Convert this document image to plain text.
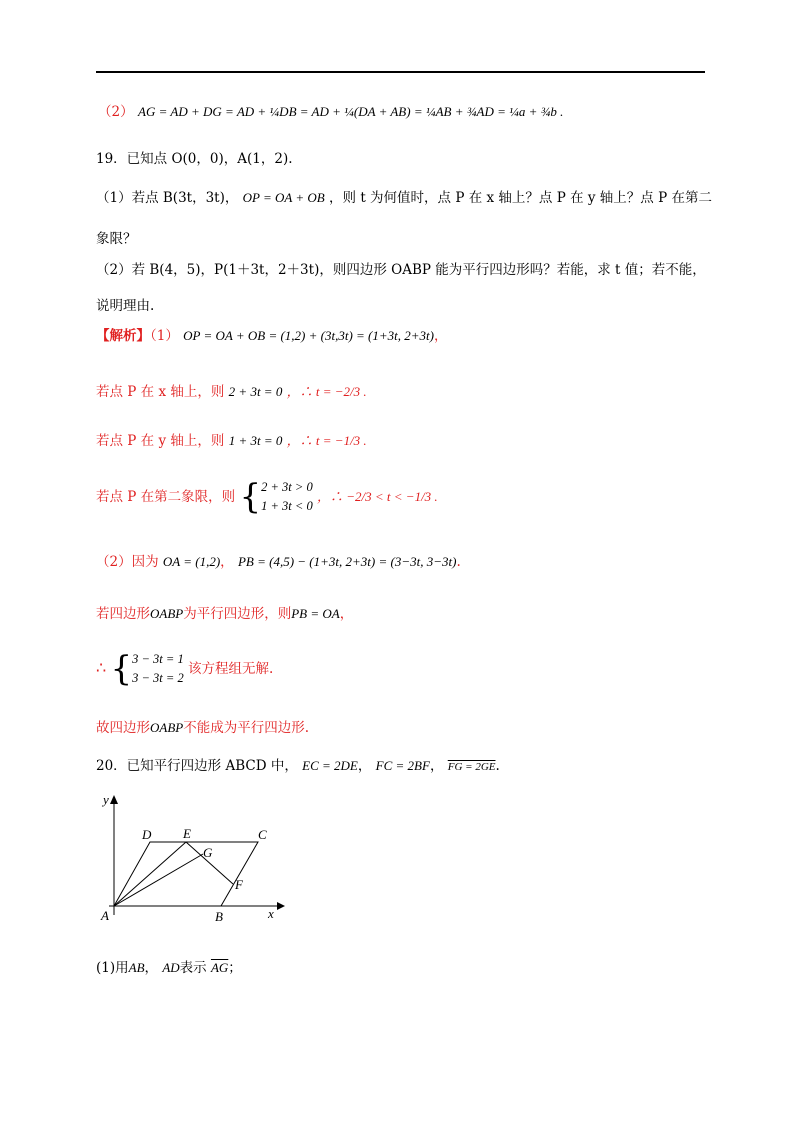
（2） AG = AD + DG = AD + ¼DB = AD + ¼(DA + AB) = ¼AB + ¾AD = ¼a + ¾b .
19．已知点 O(0，0)，A(1，2).
（1）若点 B(3t，3t)， OP = OA + OB ，则 t 为何值时，点 P 在 x 轴上？点 P 在 y 轴上？点 P 在第二
象限？
（2）若 B(4，5)，P(1＋3t，2＋3t)，则四边形 OABP 能为平行四边形吗？若能，求 t 值；若不能，
说明理由.
【解析】（1） OP = OA + OB = (1,2) + (3t,3t) = (1+3t, 2+3t)，
若点 P 在 x 轴上，则 2 + 3t = 0 ，∴ t = −2/3 .
若点 P 在 y 轴上，则 1 + 3t = 0 ，∴ t = −1/3 .
若点 P 在第二象限，则 {2 + 3t > 0
1 + 3t < 0 ，∴ −2/3 < t < −1/3 .
（2）因为 OA = (1,2)， PB = (4,5) − (1+3t, 2+3t) = (3−3t, 3−3t).
若四边形OABP为平行四边形，则PB = OA，
∴ {3 − 3t = 1
3 − 3t = 2 该方程组无解.
故四边形OABP不能成为平行四边形.
20．已知平行四边形 ABCD 中， EC = 2DE， FC = 2BF， FG = 2GE.
y
x
A	B
C
D E
F
G
(1)用AB， AD表示 $\overline{AG}$；
